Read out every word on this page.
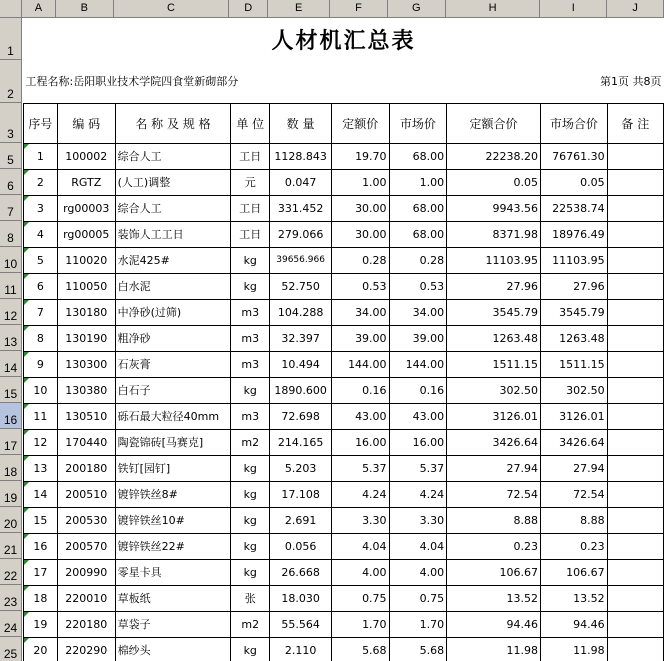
A	B	C	D	E	F	G	H	I	J
1
2
3
5
6
7
8
10
11
12
13
14
15
16
17
18
19
20
21
22
23
24
25
人材机汇总表									
工程名称:岳阳职业技术学院四食堂新砌部分							第1页 共8页		
序号	编 码	名 称 及 规 格	单 位	数 量	定额价	市场价	定额合价	市场合价	备 注
1	100002	综合人工	工日	1128.843	19.70	68.00	22238.20	76761.30	
2	RGTZ	(人工)调整	元	0.047	1.00	1.00	0.05	0.05	
3	rg00003	综合人工	工日	331.452	30.00	68.00	9943.56	22538.74	
4	rg00005	装饰人工工日	工日	279.066	30.00	68.00	8371.98	18976.49	
5	110020	水泥425#	kg	39656.966	0.28	0.28	11103.95	11103.95	
6	110050	白水泥	kg	52.750	0.53	0.53	27.96	27.96	
7	130180	中净砂(过筛)	m3	104.288	34.00	34.00	3545.79	3545.79	
8	130190	粗净砂	m3	32.397	39.00	39.00	1263.48	1263.48	
9	130300	石灰膏	m3	10.494	144.00	144.00	1511.15	1511.15	
10	130380	白石子	kg	1890.600	0.16	0.16	302.50	302.50	
11	130510	砾石最大粒径40mm	m3	72.698	43.00	43.00	3126.01	3126.01	
12	170440	陶瓷锦砖[马赛克]	m2	214.165	16.00	16.00	3426.64	3426.64	
13	200180	铁钉[园钉]	kg	5.203	5.37	5.37	27.94	27.94	
14	200510	镀锌铁丝8#	kg	17.108	4.24	4.24	72.54	72.54	
15	200530	镀锌铁丝10#	kg	2.691	3.30	3.30	8.88	8.88	
16	200570	镀锌铁丝22#	kg	0.056	4.04	4.04	0.23	0.23	
17	200990	零星卡具	kg	26.668	4.00	4.00	106.67	106.67	
18	220010	草板纸	张	18.030	0.75	0.75	13.52	13.52	
19	220180	草袋子	m2	55.564	1.70	1.70	94.46	94.46	
20	220290	棉纱头	kg	2.110	5.68	5.68	11.98	11.98	
